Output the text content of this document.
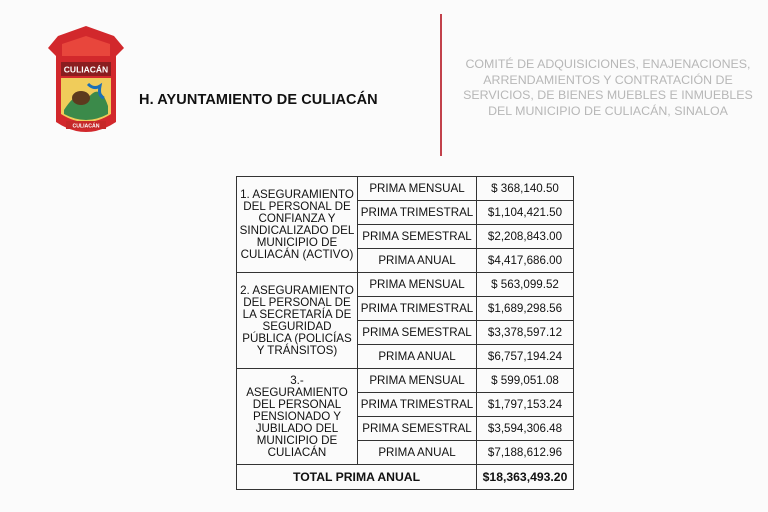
CULIACÁN
CULIACÁN
H. AYUNTAMIENTO DE CULIACÁN
COMITÉ DE ADQUISICIONES, ENAJENACIONES,
ARRENDAMIENTOS Y CONTRATACIÓN DE
SERVICIOS, DE BIENES MUEBLES E INMUEBLES
DEL MUNICIPIO DE CULIACÁN, SINALOA
1. ASEGURAMIENTO DEL PERSONAL DE CONFIANZA Y SINDICALIZADO DEL MUNICIPIO DE CULIACÁN (ACTIVO)	PRIMA MENSUAL	$ 368,140.50
	PRIMA TRIMESTRAL	$1,104,421.50
	PRIMA SEMESTRAL	$2,208,843.00
	PRIMA ANUAL	$4,417,686.00
2. ASEGURAMIENTO DEL PERSONAL DE LA SECRETARÍA DE SEGURIDAD PÚBLICA (POLICÍAS Y TRÁNSITOS)	PRIMA MENSUAL	$ 563,099.52
	PRIMA TRIMESTRAL	$1,689,298.56
	PRIMA SEMESTRAL	$3,378,597.12
	PRIMA ANUAL	$6,757,194.24
3.- ASEGURAMIENTO DEL PERSONAL PENSIONADO Y JUBILADO DEL MUNICIPIO DE CULIACÁN	PRIMA MENSUAL	$ 599,051.08
	PRIMA TRIMESTRAL	$1,797,153.24
	PRIMA SEMESTRAL	$3,594,306.48
	PRIMA ANUAL	$7,188,612.96
TOTAL PRIMA ANUAL		$18,363,493.20
